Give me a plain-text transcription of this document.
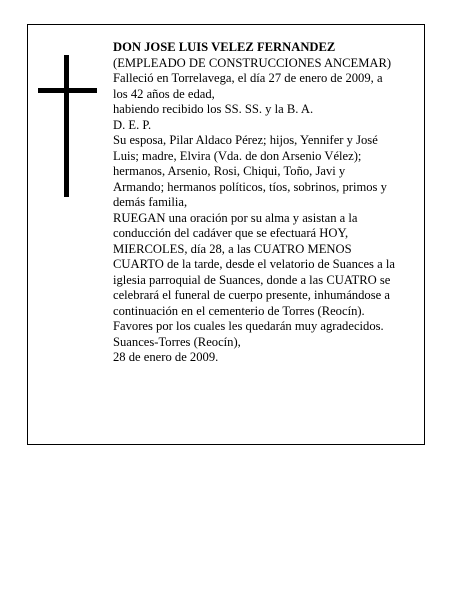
DON JOSE LUIS VELEZ FERNANDEZ
(EMPLEADO DE CONSTRUCCIONES ANCEMAR)
Falleció en Torrelavega, el día 27 de enero de 2009, a
los 42 años de edad,
habiendo recibido los SS. SS. y la B. A.
D. E. P.
Su esposa, Pilar Aldaco Pérez; hijos, Yennifer y José
Luis; madre, Elvira (Vda. de don Arsenio Vélez);
hermanos, Arsenio, Rosi, Chiqui, Toño, Javi y
Armando; hermanos políticos, tíos, sobrinos, primos y
demás familia,
RUEGAN una oración por su alma y asistan a la
conducción del cadáver que se efectuará HOY,
MIERCOLES, día 28, a las CUATRO MENOS
CUARTO de la tarde, desde el velatorio de Suances a la
iglesia parroquial de Suances, donde a las CUATRO se
celebrará el funeral de cuerpo presente, inhumándose a
continuación en el cementerio de Torres (Reocín).
Favores por los cuales les quedarán muy agradecidos.
Suances-Torres (Reocín),
28 de enero de 2009.
